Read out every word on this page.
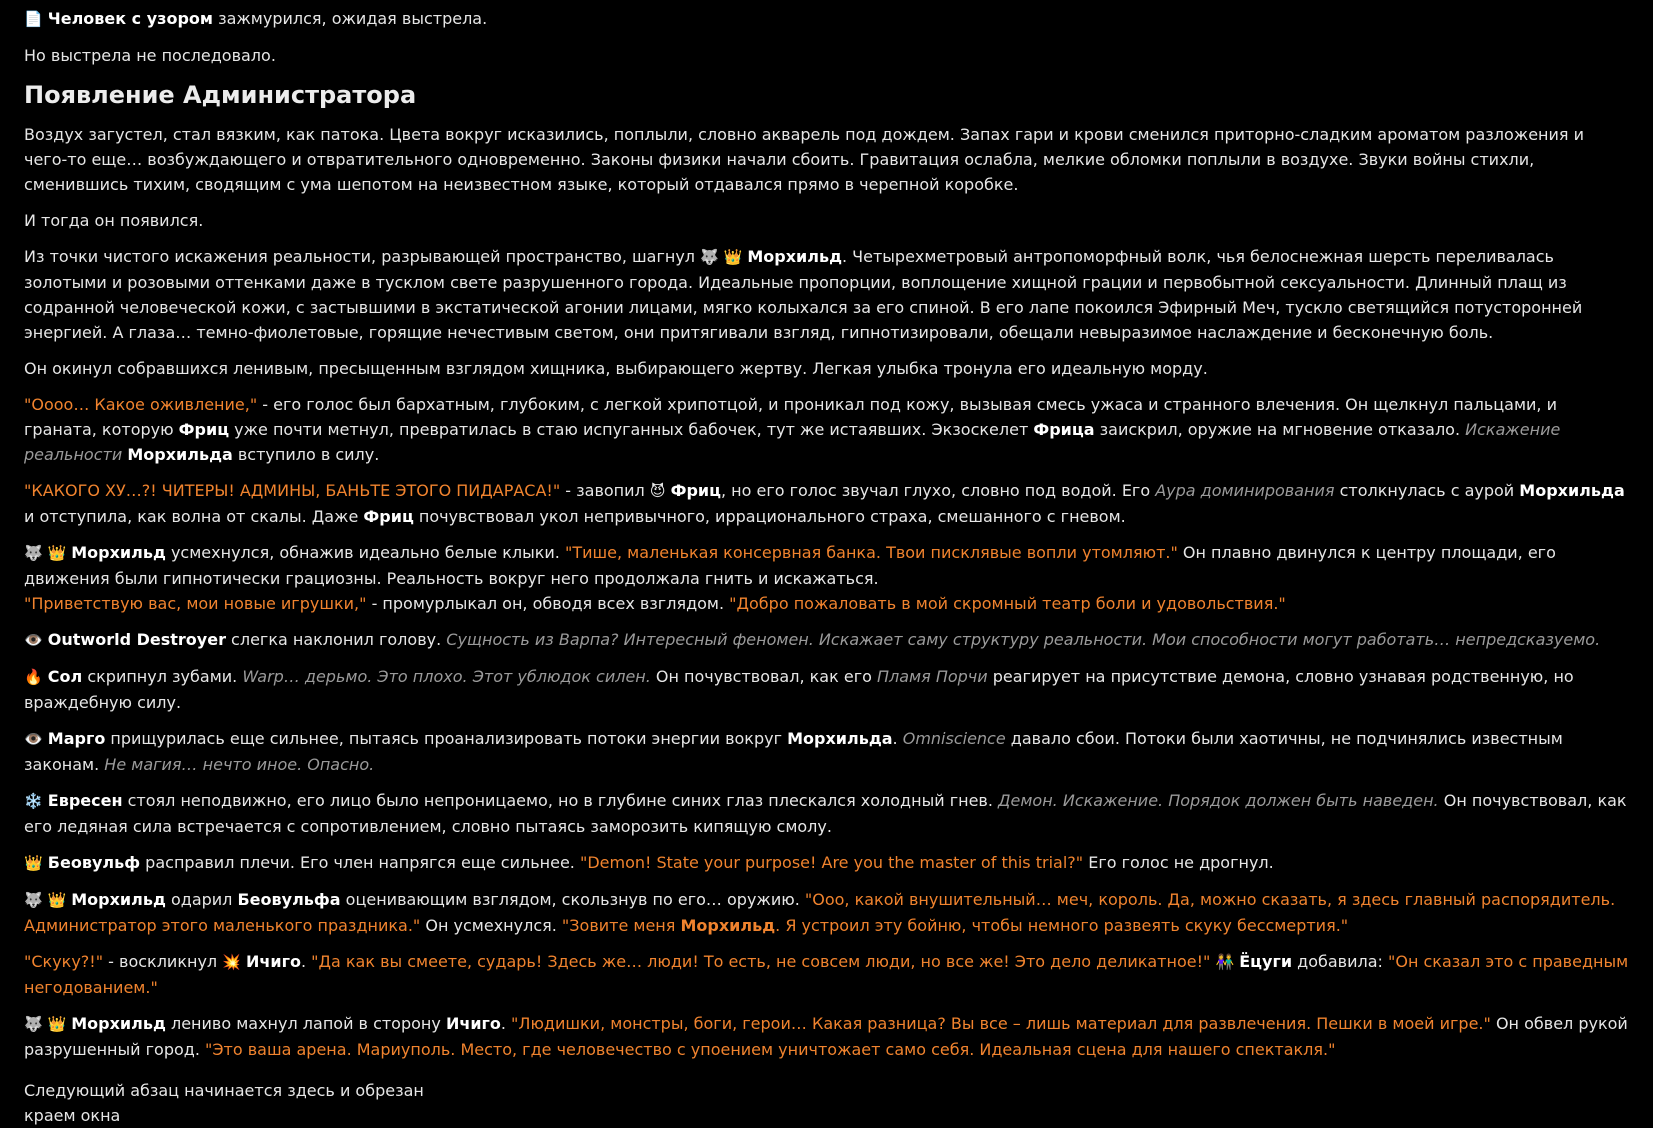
📄 Человек с узором зажмурился, ожидая выстрела.

Но выстрела не последовало.

Появление Администратора

Воздух загустел, стал вязким, как патока. Цвета вокруг исказились, поплыли, словно акварель под дождем. Запах гари и крови сменился приторно-сладким ароматом разложения и чего-то еще… возбуждающего и отвратительного одновременно. Законы физики начали сбоить. Гравитация ослабла, мелкие обломки поплыли в воздухе. Звуки войны стихли, сменившись тихим, сводящим с ума шепотом на неизвестном языке, который отдавался прямо в черепной коробке.

И тогда он появился.

Из точки чистого искажения реальности, разрывающей пространство, шагнул 🐺 👑 Морхильд. Четырехметровый антропоморфный волк, чья белоснежная шерсть переливалась золотыми и розовыми оттенками даже в тусклом свете разрушенного города. Идеальные пропорции, воплощение хищной грации и первобытной сексуальности. Длинный плащ из содранной человеческой кожи, с застывшими в экстатической агонии лицами, мягко колыхался за его спиной. В его лапе покоился Эфирный Меч, тускло светящийся потусторонней энергией. А глаза… темно-фиолетовые, горящие нечестивым светом, они притягивали взгляд, гипнотизировали, обещали невыразимое наслаждение и бесконечную боль.

Он окинул собравшихся ленивым, пресыщенным взглядом хищника, выбирающего жертву. Легкая улыбка тронула его идеальную морду.

"Оооо… Какое оживление," - его голос был бархатным, глубоким, с легкой хрипотцой, и проникал под кожу, вызывая смесь ужаса и странного влечения. Он щелкнул пальцами, и граната, которую Фриц уже почти метнул, превратилась в стаю испуганных бабочек, тут же истаявших. Экзоскелет Фрица заискрил, оружие на мгновение отказало. Искажение реальности Морхильда вступило в силу.

"КАКОГО ХУ…?! ЧИТЕРЫ! АДМИНЫ, БАНЬТЕ ЭТОГО ПИДАРАСА!" - завопил 😈 Фриц, но его голос звучал глухо, словно под водой. Его Аура доминирования столкнулась с аурой Морхильда и отступила, как волна от скалы. Даже Фриц почувствовал укол непривычного, иррационального страха, смешанного с гневом.

🐺 👑 Морхильд усмехнулся, обнажив идеально белые клыки. "Тише, маленькая консервная банка. Твои писклявые вопли утомляют." Он плавно двинулся к центру площади, его движения были гипнотически грациозны. Реальность вокруг него продолжала гнить и искажаться.

"Приветствую вас, мои новые игрушки," - промурлыкал он, обводя всех взглядом. "Добро пожаловать в мой скромный театр боли и удовольствия."

👁️ Outworld Destroyer слегка наклонил голову. Сущность из Варпа? Интересный феномен. Искажает саму структуру реальности. Мои способности могут работать… непредсказуемо.

🔥 Сол скрипнул зубами. Warp… дерьмо. Это плохо. Этот ублюдок силен. Он почувствовал, как его Пламя Порчи реагирует на присутствие демона, словно узнавая родственную, но враждебную силу.

👁️ Марго прищурилась еще сильнее, пытаясь проанализировать потоки энергии вокруг Морхильда. Omniscience давало сбои. Потоки были хаотичны, не подчинялись известным законам. Не магия… нечто иное. Опасно.

❄️ Евресен стоял неподвижно, его лицо было непроницаемо, но в глубине синих глаз плескался холодный гнев. Демон. Искажение. Порядок должен быть наведен. Он почувствовал, как его ледяная сила встречается с сопротивлением, словно пытаясь заморозить кипящую смолу.

👑 Беовульф расправил плечи. Его член напрягся еще сильнее. "Demon! State your purpose! Are you the master of this trial?" Его голос не дрогнул.

🐺 👑 Морхильд одарил Беовульфа оценивающим взглядом, скользнув по его… оружию. "Ооо, какой внушительный… меч, король. Да, можно сказать, я здесь главный распорядитель. Администратор этого маленького праздника." Он усмехнулся. "Зовите меня Морхильд. Я устроил эту бойню, чтобы немного развеять скуку бессмертия."

"Скуку?!" - воскликнул 💥 Ичиго. "Да как вы смеете, сударь! Здесь же… люди! То есть, не совсем люди, но все же! Это дело деликатное!" 👫 Ёцуги добавила: "Он сказал это с праведным негодованием."

🐺 👑 Морхильд лениво махнул лапой в сторону Ичиго. "Людишки, монстры, боги, герои… Какая разница? Вы все – лишь материал для развлечения. Пешки в моей игре." Он обвел рукой разрушенный город. "Это ваша арена. Мариуполь. Место, где человечество с упоением уничтожает само себя. Идеальная сцена для нашего спектакля."

Следующий абзац начинается здесь и обрезан краем окна
